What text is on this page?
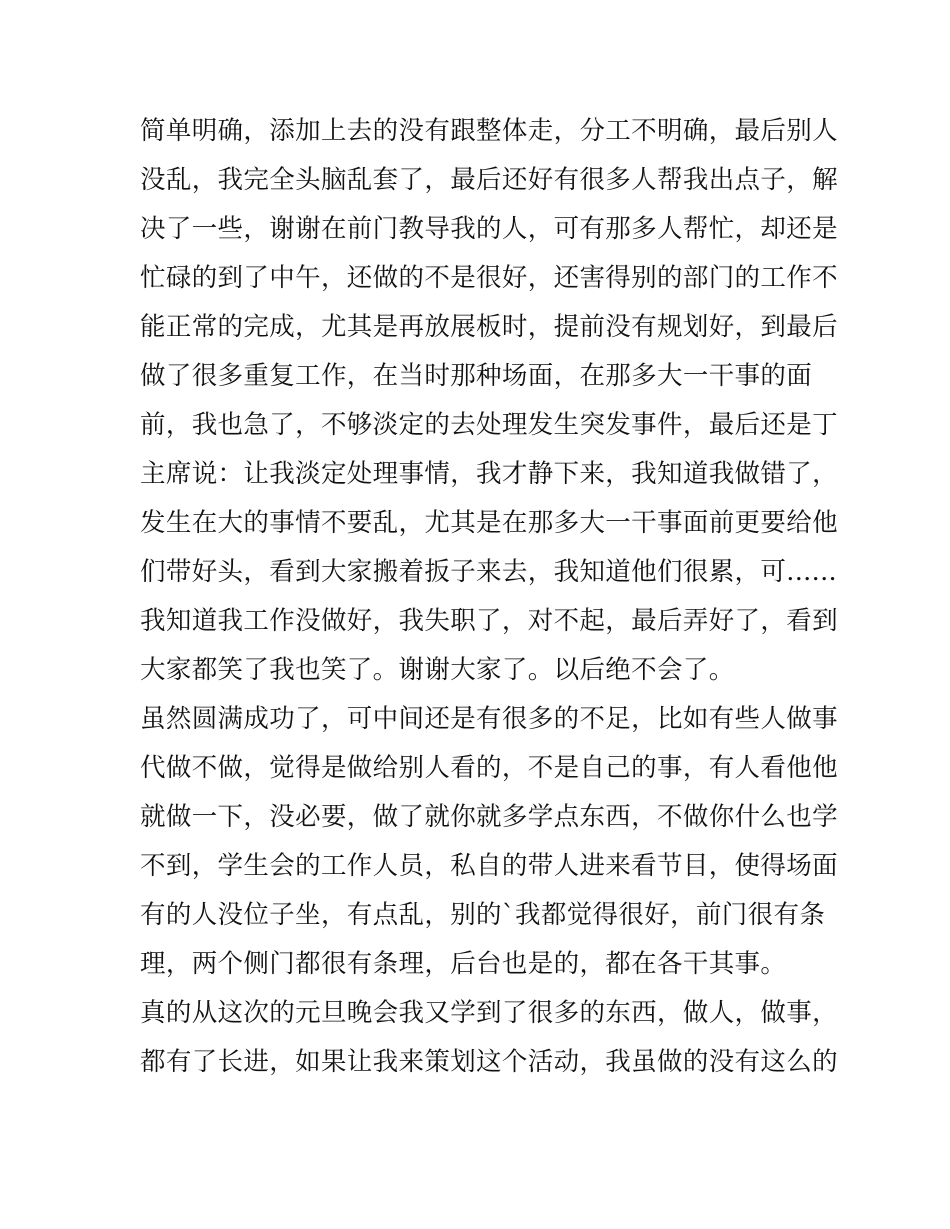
简单明确，添加上去的没有跟整体走，分工不明确，最后别人
没乱，我完全头脑乱套了，最后还好有很多人帮我出点子，解
决了一些，谢谢在前门教导我的人，可有那多人帮忙，却还是
忙碌的到了中午，还做的不是很好，还害得别的部门的工作不
能正常的完成，尤其是再放展板时，提前没有规划好，到最后
做了很多重复工作，在当时那种场面，在那多大一干事的面
前，我也急了，不够淡定的去处理发生突发事件，最后还是丁
主席说：让我淡定处理事情，我才静下来，我知道我做错了，
发生在大的事情不要乱，尤其是在那多大一干事面前更要给他
们带好头，看到大家搬着扳子来去，我知道他们很累，可......
我知道我工作没做好，我失职了，对不起，最后弄好了，看到
大家都笑了我也笑了。谢谢大家了。以后绝不会了。
虽然圆满成功了，可中间还是有很多的不足，比如有些人做事
代做不做，觉得是做给别人看的，不是自己的事，有人看他他
就做一下，没必要，做了就你就多学点东西，不做你什么也学
不到，学生会的工作人员，私自的带人进来看节目，使得场面
有的人没位子坐，有点乱，别的`我都觉得很好，前门很有条
理，两个侧门都很有条理，后台也是的，都在各干其事。
真的从这次的元旦晚会我又学到了很多的东西，做人，做事，
都有了长进，如果让我来策划这个活动，我虽做的没有这么的
